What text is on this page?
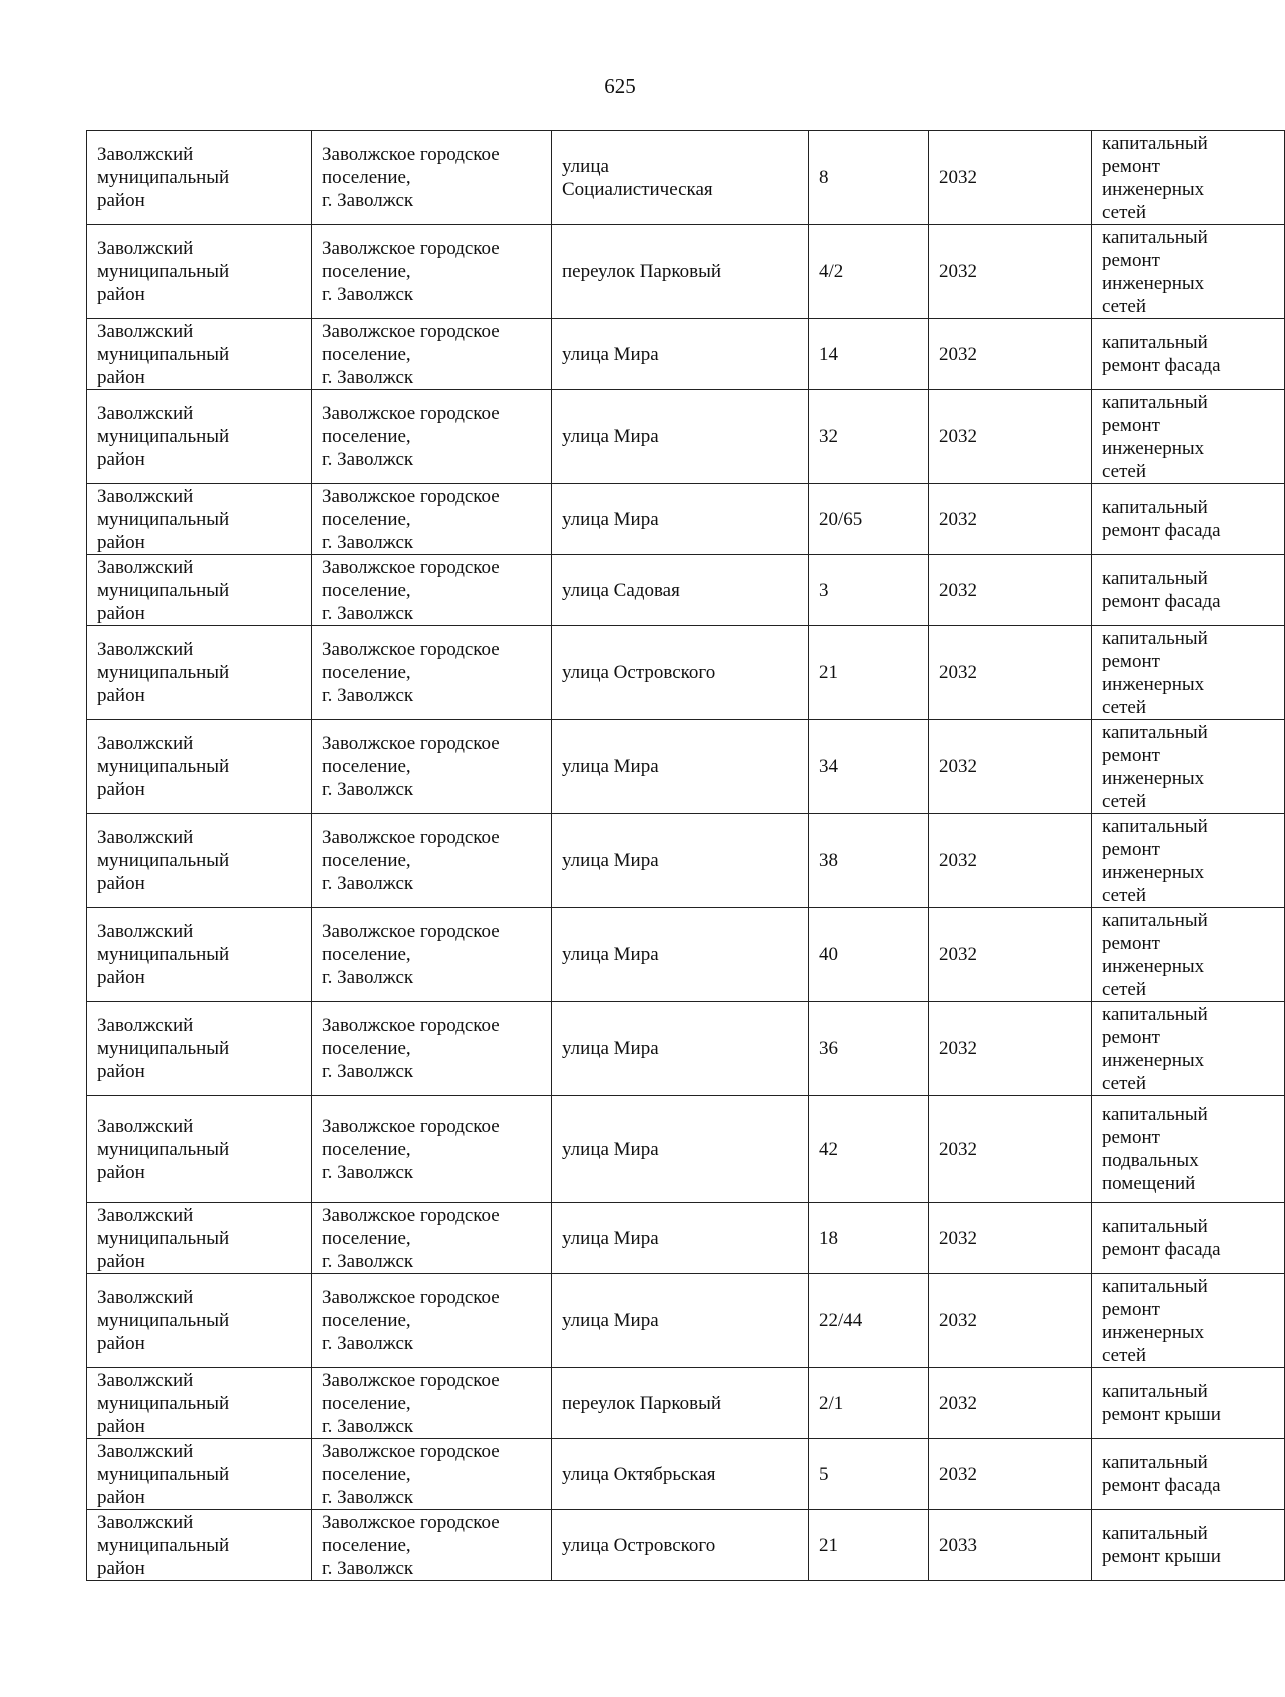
625
Заволжский
муниципальный
район	Заволжское городское
поселение,
г. Заволжск	улица
Социалистическая	8	2032	капитальный
ремонт
инженерных
сетей

Заволжский
муниципальный
район	Заволжское городское
поселение,
г. Заволжск	переулок Парковый	4/2	2032	капитальный
ремонт
инженерных
сетей

Заволжский
муниципальный
район	Заволжское городское
поселение,
г. Заволжск	улица Мира	14	2032	капитальный
ремонт фасада

Заволжский
муниципальный
район	Заволжское городское
поселение,
г. Заволжск	улица Мира	32	2032	капитальный
ремонт
инженерных
сетей

Заволжский
муниципальный
район	Заволжское городское
поселение,
г. Заволжск	улица Мира	20/65	2032	капитальный
ремонт фасада

Заволжский
муниципальный
район	Заволжское городское
поселение,
г. Заволжск	улица Садовая	3	2032	капитальный
ремонт фасада

Заволжский
муниципальный
район	Заволжское городское
поселение,
г. Заволжск	улица Островского	21	2032	капитальный
ремонт
инженерных
сетей

Заволжский
муниципальный
район	Заволжское городское
поселение,
г. Заволжск	улица Мира	34	2032	капитальный
ремонт
инженерных
сетей

Заволжский
муниципальный
район	Заволжское городское
поселение,
г. Заволжск	улица Мира	38	2032	капитальный
ремонт
инженерных
сетей

Заволжский
муниципальный
район	Заволжское городское
поселение,
г. Заволжск	улица Мира	40	2032	капитальный
ремонт
инженерных
сетей

Заволжский
муниципальный
район	Заволжское городское
поселение,
г. Заволжск	улица Мира	36	2032	капитальный
ремонт
инженерных
сетей

Заволжский
муниципальный
район	Заволжское городское
поселение,
г. Заволжск	улица Мира	42	2032	капитальный
ремонт
подвальных
помещений

Заволжский
муниципальный
район	Заволжское городское
поселение,
г. Заволжск	улица Мира	18	2032	капитальный
ремонт фасада

Заволжский
муниципальный
район	Заволжское городское
поселение,
г. Заволжск	улица Мира	22/44	2032	капитальный
ремонт
инженерных
сетей

Заволжский
муниципальный
район	Заволжское городское
поселение,
г. Заволжск	переулок Парковый	2/1	2032	капитальный
ремонт крыши

Заволжский
муниципальный
район	Заволжское городское
поселение,
г. Заволжск	улица Октябрьская	5	2032	капитальный
ремонт фасада

Заволжский
муниципальный
район	Заволжское городское
поселение,
г. Заволжск	улица Островского	21	2033	капитальный
ремонт крыши
